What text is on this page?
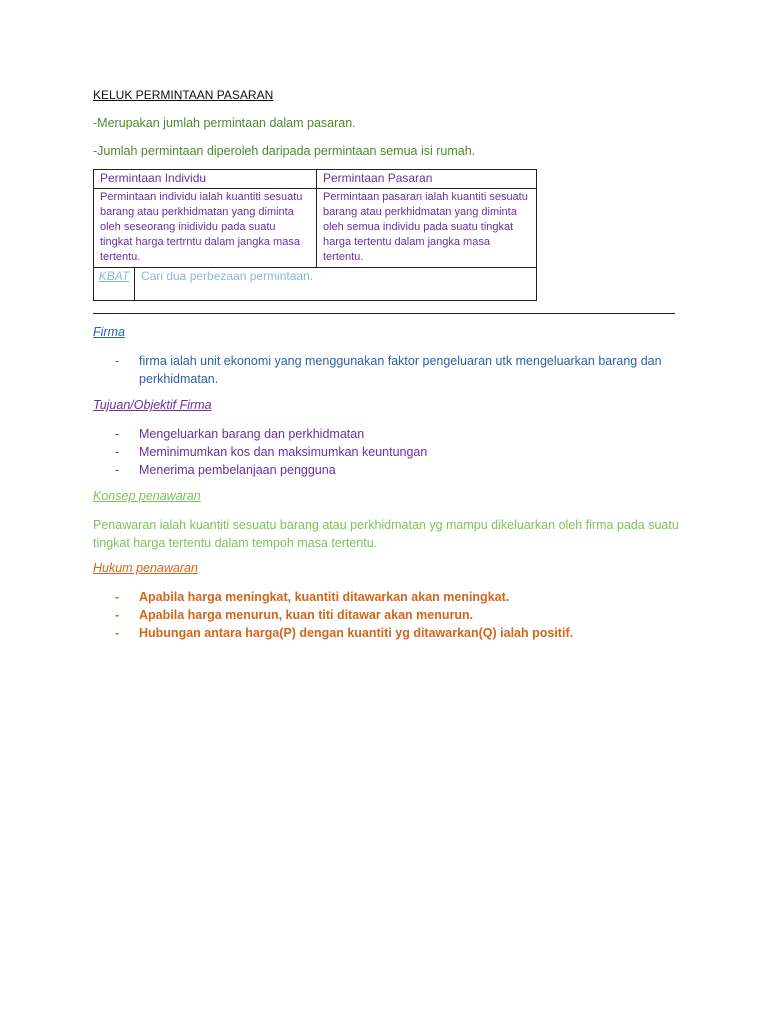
KELUK PERMINTAAN PASARAN
-Merupakan jumlah permintaan dalam pasaran.
-Jumlah permintaan diperoleh daripada permintaan semua isi rumah.
Permintaan Individu		Permintaan Pasaran
Permintaan individu ialah kuantiti sesuatu barang atau perkhidmatan yang diminta oleh seseorang inidividu pada suatu tingkat harga tertrntu dalam jangka masa tertentu.		Permintaan pasaran ialah kuantiti sesuatu barang atau perkhidmatan yang diminta oleh semua individu pada suatu tingkat harga tertentu dalam jangka masa tertentu.
KBAT	Cari dua perbezaan permintaan.	
Firma
- firma ialah unit ekonomi yang menggunakan faktor pengeluaran utk mengeluarkan barang dan perkhidmatan.
Tujuan/Objektif Firma
- Mengeluarkan barang dan perkhidmatan
- Meminimumkan kos dan maksimumkan keuntungan
- Menerima pembelanjaan pengguna
Konsep penawaran
Penawaran ialah kuantiti sesuatu barang atau perkhidmatan yg mampu dikeluarkan oleh firma pada suatu tingkat harga tertentu dalam tempoh masa tertentu.
Hukum penawaran
- Apabila harga meningkat, kuantiti ditawarkan akan meningkat.
- Apabila harga menurun, kuan titi ditawar akan menurun.
- Hubungan antara harga(P) dengan kuantiti yg ditawarkan(Q) ialah positif.
